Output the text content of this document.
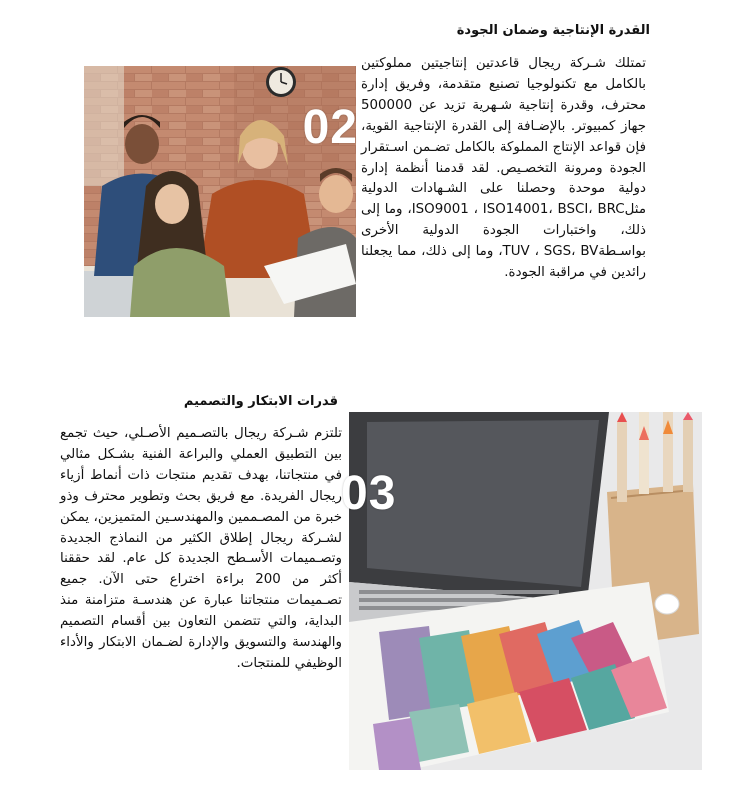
القدرة الإنتاجية وضمان الجودة
02
تمتلك شـركة ريجال قاعدتين إنتاجيتين مملوكتين بالكامل مع تكنولوجيا تصنيع متقدمة، وفريق إدارة محترف، وقدرة إنتاجية شـهرية تزيد عن 500000 جهاز كمبيوتر. بالإضـافة إلى القدرة الإنتاجية القوية، فإن قواعد الإنتاج المملوكة بالكامل تضـمن اسـتقرار الجودة ومرونة التخصـيص. لقد قدمنا أنظمة إدارة دولية موحدة وحصلنا على الشـهادات الدولية مثلISO9001 ، ISO14001، BSCI، BRC، وما إلى ذلك، واختبارات الجودة الدولية الأخرى بواسـطةTUV ، SGS، BV، وما إلى ذلك، مما يجعلنا رائدين في مراقبة الجودة.
قدرات الابتكار والتصميم
تلتزم شـركة ريجال بالتصـميم الأصـلي، حيث تجمع بين التطبيق العملي والبراعة الفنية بشـكل مثالي في منتجاتنا، بهدف تقديم منتجات ذات أنماط أزياء ريجال الفريدة. مع فريق بحث وتطوير محترف وذو خبرة من المصـممين والمهندسـين المتميزين، يمكن لشـركة ريجال إطلاق الكثير من النماذج الجديدة وتصـميمات الأسـطح الجديدة كل عام. لقد حققنا أكثر من 200 براءة اختراع حتى الآن. جميع تصـميمات منتجاتنا عبارة عن هندسـة متزامنة منذ البداية، والتي تتضمن التعاون بين أقسام التصميم والهندسة والتسويق والإدارة لضـمان الابتكار والأداء الوظيفي للمنتجات.
03
